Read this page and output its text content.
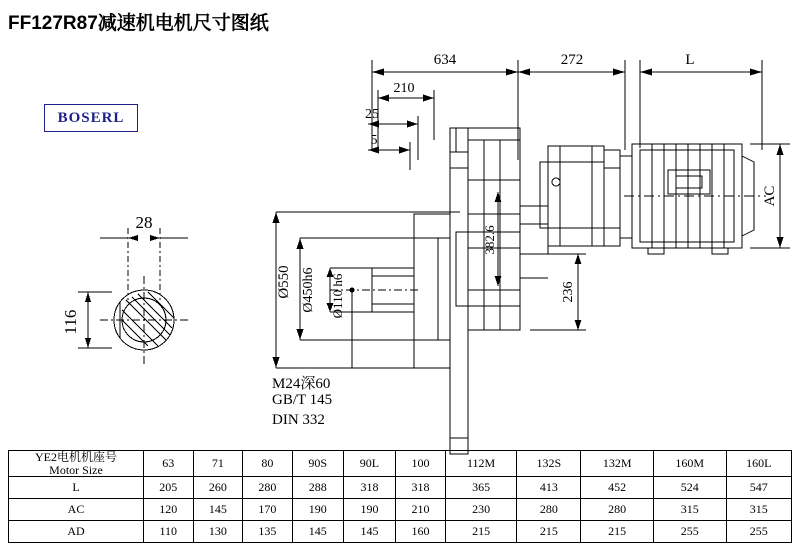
FF127R87减速机电机尺寸图纸
BOSERL
28
116
634	272	L
210
25
5
AC
Ø550 Ø450h6 Ø110 h6
382.6
236
M24深60
GB/T 145
DIN 332
YE2电机机座号
Motor Size	63	71	80	90S	90L	100	112M	132S	132M	160M	160L
L	205	260	280	288	318	318	365	413	452	524	547
AC	120	145	170	190	190	210	230	280	280	315	315
AD	110	130	135	145	145	160	215	215	215	255	255
